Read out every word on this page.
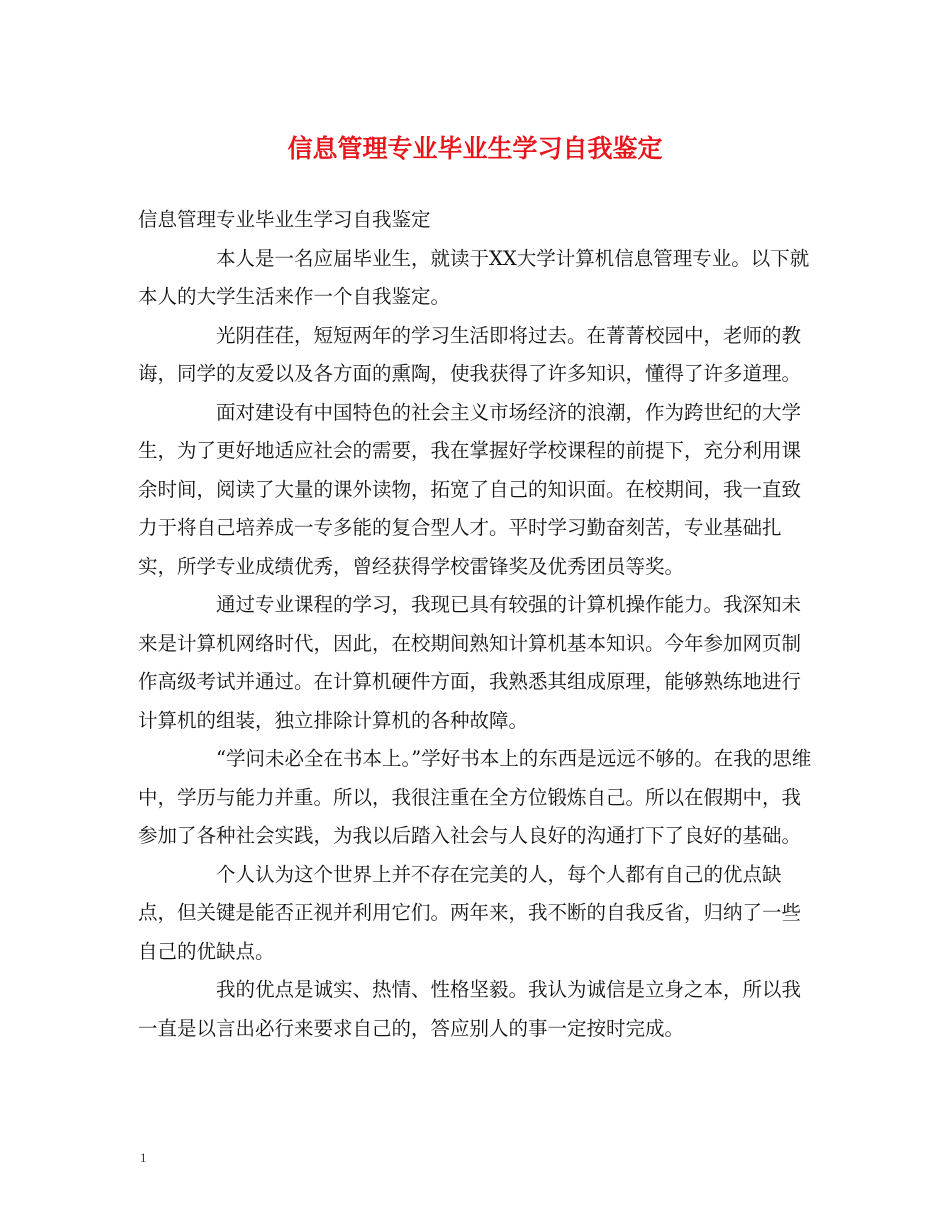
信息管理专业毕业生学习自我鉴定

信息管理专业毕业生学习自我鉴定

本人是一名应届毕业生，就读于XX大学计算机信息管理专业。以下就本人的大学生活来作一个自我鉴定。

光阴荏荏，短短两年的学习生活即将过去。在菁菁校园中，老师的教诲，同学的友爱以及各方面的熏陶，使我获得了许多知识，懂得了许多道理。

面对建设有中国特色的社会主义市场经济的浪潮，作为跨世纪的大学生，为了更好地适应社会的需要，我在掌握好学校课程的前提下，充分利用课余时间，阅读了大量的课外读物，拓宽了自己的知识面。在校期间，我一直致力于将自己培养成一专多能的复合型人才。平时学习勤奋刻苦，专业基础扎实，所学专业成绩优秀，曾经获得学校雷锋奖及优秀团员等奖。

通过专业课程的学习，我现已具有较强的计算机操作能力。我深知未来是计算机网络时代，因此，在校期间熟知计算机基本知识。今年参加网页制作高级考试并通过。在计算机硬件方面，我熟悉其组成原理，能够熟练地进行计算机的组装，独立排除计算机的各种故障。

“学问未必全在书本上。”学好书本上的东西是远远不够的。在我的思维中，学历与能力并重。所以，我很注重在全方位锻炼自己。所以在假期中，我参加了各种社会实践，为我以后踏入社会与人良好的沟通打下了良好的基础。

个人认为这个世界上并不存在完美的人，每个人都有自己的优点缺点，但关键是能否正视并利用它们。两年来，我不断的自我反省，归纳了一些自己的优缺点。

我的优点是诚实、热情、性格坚毅。我认为诚信是立身之本，所以我一直是以言出必行来要求自己的，答应别人的事一定按时完成。

1
